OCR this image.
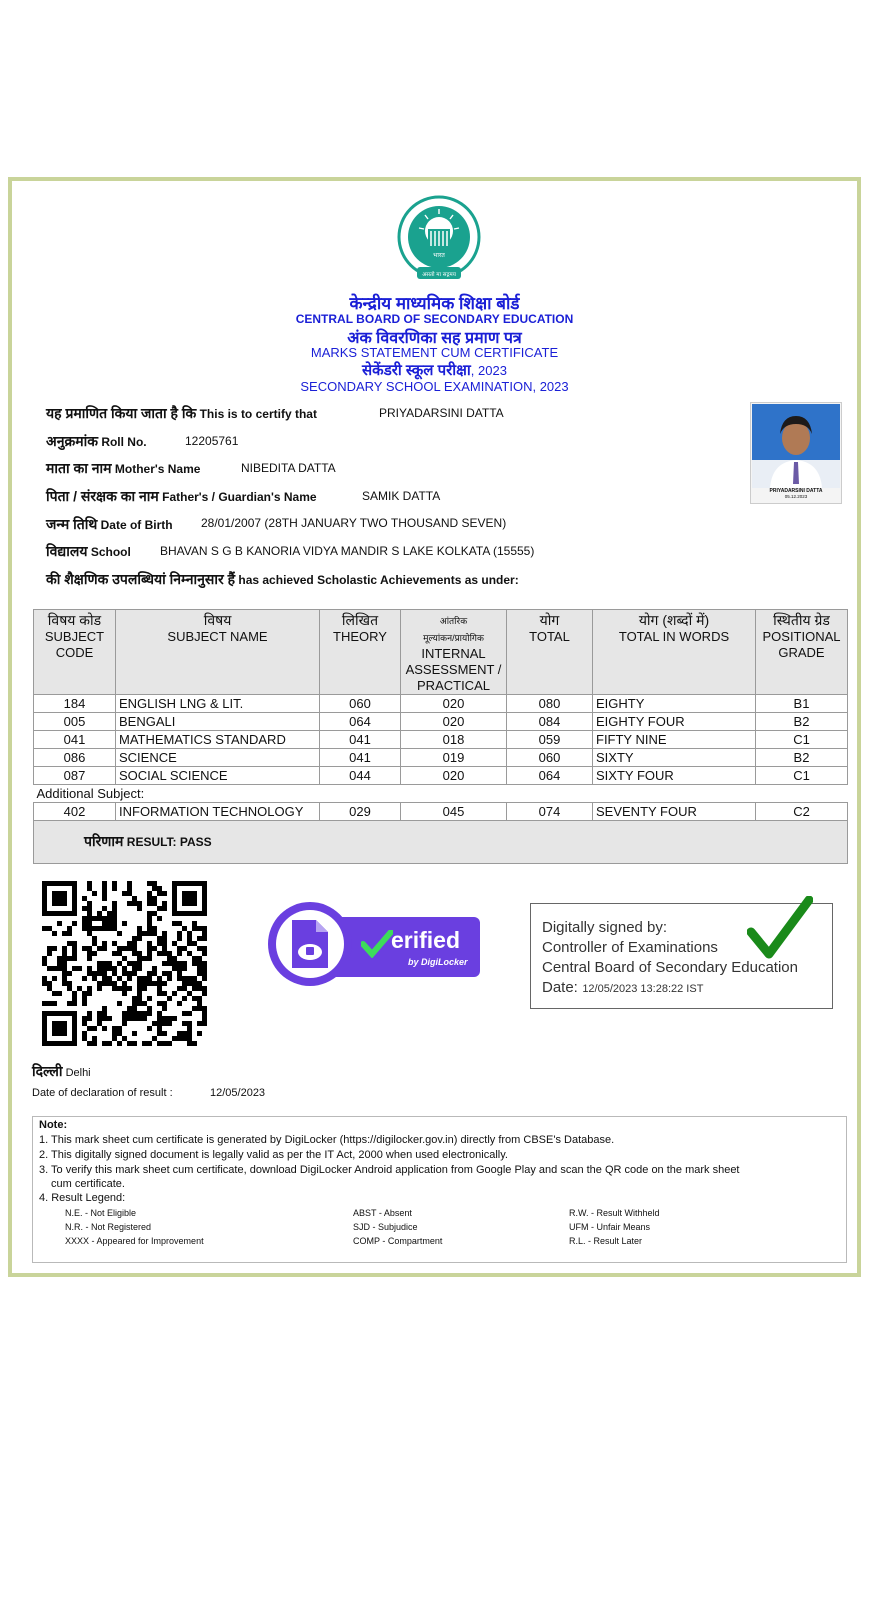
भारत
असतो मा सद्गमय
केन्द्रीय माध्यमिक शिक्षा बोर्ड
CENTRAL BOARD OF SECONDARY EDUCATION
अंक विवरणिका सह प्रमाण पत्र
MARKS STATEMENT CUM CERTIFICATE
सेकेंडरी स्कूल परीक्षा, 2023
SECONDARY SCHOOL EXAMINATION, 2023
यह प्रमाणित किया जाता है कि This is to certify that	PRIYADARSINI DATTA
अनुक्रमांक Roll No.	12205761
माता का नाम Mother's Name	NIBEDITA DATTA
पिता / संरक्षक का नाम Father's / Guardian's Name	SAMIK DATTA
जन्म तिथि Date of Birth 28/01/2007 (28TH JANUARY TWO THOUSAND SEVEN)
विद्यालय School BHAVAN S G B KANORIA VIDYA MANDIR S LAKE KOLKATA (15555)
की शैक्षणिक उपलब्धियां निम्नानुसार हैं has achieved Scholastic Achievements as under:
PRIYADARSINI DATTA
05.12.2023
विषय कोड
SUBJECT
CODE	विषय
SUBJECT NAME	लिखित
THEORY	आंतरिक
मूल्यांकन/प्रायोगिक
INTERNAL
ASSESSMENT /
PRACTICAL	योग
TOTAL	योग (शब्दों में)
TOTAL IN WORDS	स्थितीय ग्रेड
POSITIONAL
GRADE
184	ENGLISH LNG & LIT.	060	020	080	EIGHTY	B1
005	BENGALI	064	020	084	EIGHTY FOUR	B2
041	MATHEMATICS STANDARD	041	018	059	FIFTY NINE	C1
086	SCIENCE	041	019	060	SIXTY	B2
087	SOCIAL SCIENCE	044	020	064	SIXTY FOUR	C1
Additional Subject:						
402	INFORMATION TECHNOLOGY	029	045	074	SEVENTY FOUR	C2
परिणाम RESULT: PASS						
erified
by DigiLocker
Digitally signed by:
Controller of Examinations
Central Board of Secondary Education
Date: 12/05/2023 13:28:22 IST
दिल्ली Delhi
Date of declaration of result :	12/05/2023
Note:
1. This mark sheet cum certificate is generated by DigiLocker (https://digilocker.gov.in) directly from CBSE's Database.
2. This digitally signed document is legally valid as per the IT Act, 2000 when used electronically.
3. To verify this mark sheet cum certificate, download DigiLocker Android application from Google Play and scan the QR code on the mark sheet
cum certificate.
4. Result Legend:
N.E. - Not Eligible	ABST - Absent	R.W. - Result Withheld
N.R. - Not Registered	SJD - Subjudice	UFM - Unfair Means
XXXX - Appeared for Improvement	COMP - Compartment	R.L. - Result Later
